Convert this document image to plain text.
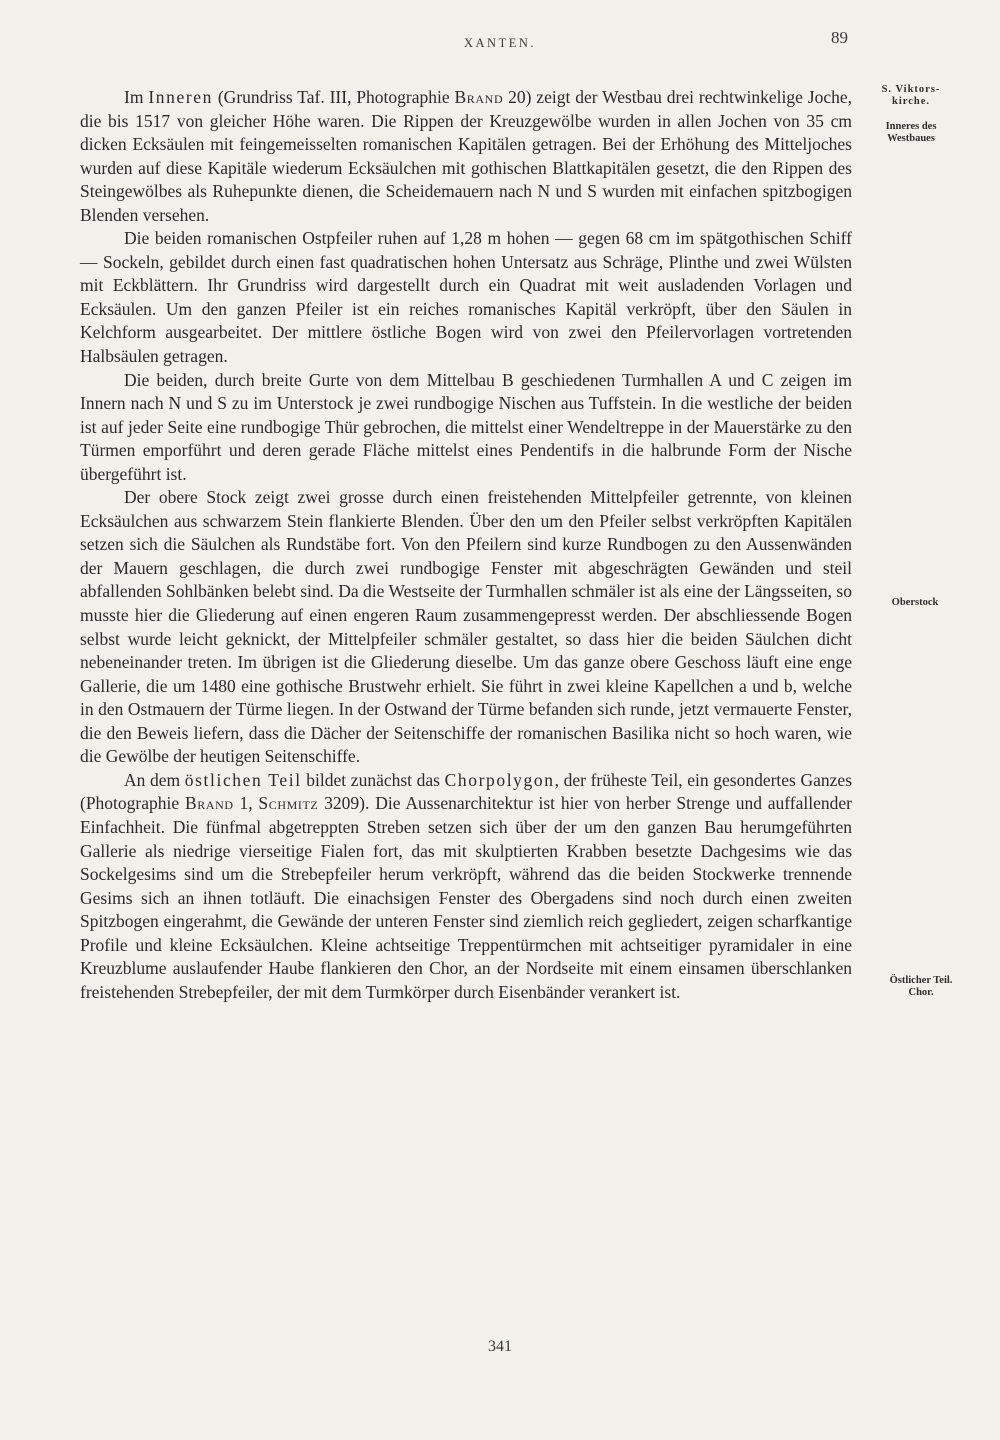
XANTEN.	89
S. Viktors-
kirche.
Inneres des
Westbaues
Oberstock
Östlicher Teil.
Chor.

Im Inneren (Grundriss Taf. III, Photographie Brand 20) zeigt der Westbau drei rechtwinkelige Joche, die bis 1517 von gleicher Höhe waren. Die Rippen der Kreuzgewölbe wurden in allen Jochen von 35 cm dicken Ecksäulen mit feingemeisselten romanischen Kapitälen getragen. Bei der Erhöhung des Mitteljoches wurden auf diese Kapitäle wiederum Ecksäulchen mit gothischen Blattkapitälen gesetzt, die den Rippen des Steingewölbes als Ruhepunkte dienen, die Scheidemauern nach N und S wurden mit einfachen spitzbogigen Blenden versehen.

Die beiden romanischen Ostpfeiler ruhen auf 1,28 m hohen — gegen 68 cm im spätgothischen Schiff — Sockeln, gebildet durch einen fast quadratischen hohen Untersatz aus Schräge, Plinthe und zwei Wülsten mit Eckblättern. Ihr Grundriss wird dargestellt durch ein Quadrat mit weit ausladenden Vorlagen und Ecksäulen. Um den ganzen Pfeiler ist ein reiches romanisches Kapitäl verkröpft, über den Säulen in Kelchform ausgearbeitet. Der mittlere östliche Bogen wird von zwei den Pfeilervorlagen vortretenden Halbsäulen getragen.

Die beiden, durch breite Gurte von dem Mittelbau B geschiedenen Turmhallen A und C zeigen im Innern nach N und S zu im Unterstock je zwei rundbogige Nischen aus Tuffstein. In die westliche der beiden ist auf jeder Seite eine rundbogige Thür gebrochen, die mittelst einer Wendeltreppe in der Mauerstärke zu den Türmen emporführt und deren gerade Fläche mittelst eines Pendentifs in die halbrunde Form der Nische übergeführt ist.

Der obere Stock zeigt zwei grosse durch einen freistehenden Mittelpfeiler getrennte, von kleinen Ecksäulchen aus schwarzem Stein flankierte Blenden. Über den um den Pfeiler selbst verkröpften Kapitälen setzen sich die Säulchen als Rundstäbe fort. Von den Pfeilern sind kurze Rundbogen zu den Aussenwänden der Mauern geschlagen, die durch zwei rundbogige Fenster mit abgeschrägten Gewänden und steil abfallenden Sohlbänken belebt sind. Da die Westseite der Turmhallen schmäler ist als eine der Längsseiten, so musste hier die Gliederung auf einen engeren Raum zusammengepresst werden. Der abschliessende Bogen selbst wurde leicht geknickt, der Mittelpfeiler schmäler gestaltet, so dass hier die beiden Säulchen dicht nebeneinander treten. Im übrigen ist die Gliederung dieselbe. Um das ganze obere Geschoss läuft eine enge Gallerie, die um 1480 eine gothische Brustwehr erhielt. Sie führt in zwei kleine Kapellchen a und b, welche in den Ostmauern der Türme liegen. In der Ostwand der Türme befanden sich runde, jetzt vermauerte Fenster, die den Beweis liefern, dass die Dächer der Seitenschiffe der romanischen Basilika nicht so hoch waren, wie die Gewölbe der heutigen Seitenschiffe.

An dem östlichen Teil bildet zunächst das Chorpolygon, der früheste Teil, ein gesondertes Ganzes (Photographie Brand 1, Schmitz 3209). Die Aussenarchitektur ist hier von herber Strenge und auffallender Einfachheit. Die fünfmal abgetreppten Streben setzen sich über der um den ganzen Bau herumgeführten Gallerie als niedrige vierseitige Fialen fort, das mit skulptierten Krabben besetzte Dachgesims wie das Sockelgesims sind um die Strebepfeiler herum verkröpft, während das die beiden Stockwerke trennende Gesims sich an ihnen totläuft. Die einachsigen Fenster des Obergadens sind noch durch einen zweiten Spitzbogen eingerahmt, die Gewände der unteren Fenster sind ziemlich reich gegliedert, zeigen scharfkantige Profile und kleine Ecksäulchen. Kleine achtseitige Treppentürmchen mit achtseitiger pyramidaler in eine Kreuzblume auslaufender Haube flankieren den Chor, an der Nordseite mit einem einsamen überschlanken freistehenden Strebepfeiler, der mit dem Turmkörper durch Eisenbänder verankert ist.

341
